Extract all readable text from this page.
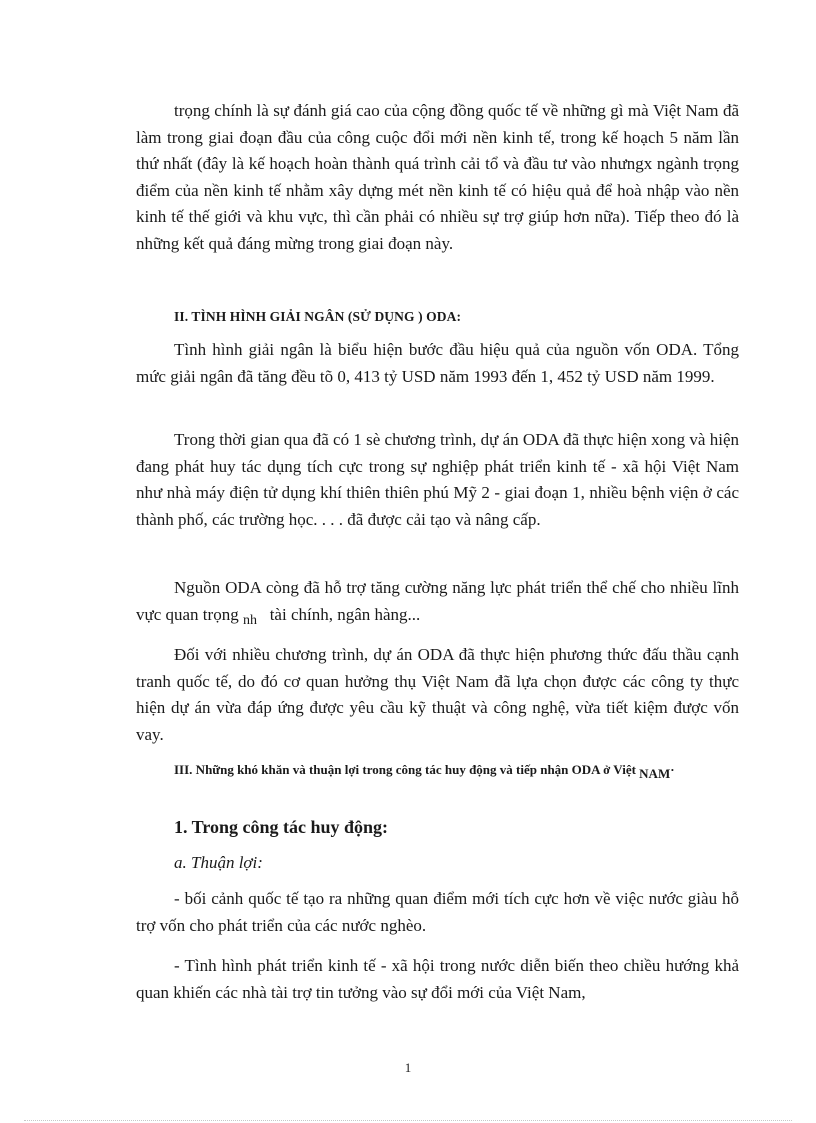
trọng chính là sự đánh giá cao của cộng đồng quốc tế về những gì mà Việt Nam đã làm trong giai đoạn đầu của công cuộc đổi mới nền kinh tế, trong kế hoạch 5 năm lần thứ nhất (đây là kế hoạch hoàn thành quá trình cải tổ và đầu tư vào nhưngx ngành trọng điểm của nền kinh tế nhằm xây dựng mét nền kinh tế có hiệu quả để hoà nhập vào nền kinh tế thế giới và khu vực, thì cần phải có nhiều sự trợ giúp hơn nữa). Tiếp theo đó là những kết quả đáng mừng trong giai đoạn này.

II. TÌNH HÌNH GIẢI NGÂN (SỬ DỤNG ) ODA:

Tình hình giải ngân là biểu hiện bước đầu hiệu quả của nguồn vốn ODA. Tổng mức giải ngân đã tăng đều tõ 0, 413 tỷ USD năm 1993 đến 1, 452 tỷ USD năm 1999.

Trong thời gian qua đã có 1 sè chương trình, dự án ODA đã thực hiện xong và hiện đang phát huy tác dụng tích cực trong sự nghiệp phát triển kinh tế - xã hội Việt Nam như nhà máy điện tử dụng khí thiên thiên phú Mỹ 2 - giai đoạn 1, nhiều bệnh viện ở các thành phố, các trường học. . . . đã được cải tạo và nâng cấp.

Nguồn ODA còng đã hỗ trợ tăng cường năng lực phát triển thể chế cho nhiều lĩnh vực quan trọng $_{nh}$ tài chính, ngân hàng...

Đối với nhiều chương trình, dự án ODA đã thực hiện phương thức đấu thầu cạnh tranh quốc tế, do đó cơ quan hưởng thụ Việt Nam đã lựa chọn được các công ty thực hiện dự án vừa đáp ứng được yêu cầu kỹ thuật và công nghệ, vừa tiết kiệm được vốn vay.

III. Những khó khăn và thuận lợi trong công tác huy động và tiếp nhận ODA ở Việt NAM·

1. Trong công tác huy động:

a. Thuận lợi:

- bối cảnh quốc tế tạo ra những quan điểm mới tích cực hơn về việc nước giàu hỗ trợ vốn cho phát triển của các nước nghèo.

- Tình hình phát triển kinh tế - xã hội trong nước diễn biến theo chiều hướng khả quan khiến các nhà tài trợ tin tưởng vào sự đổi mới của Việt Nam,

1
